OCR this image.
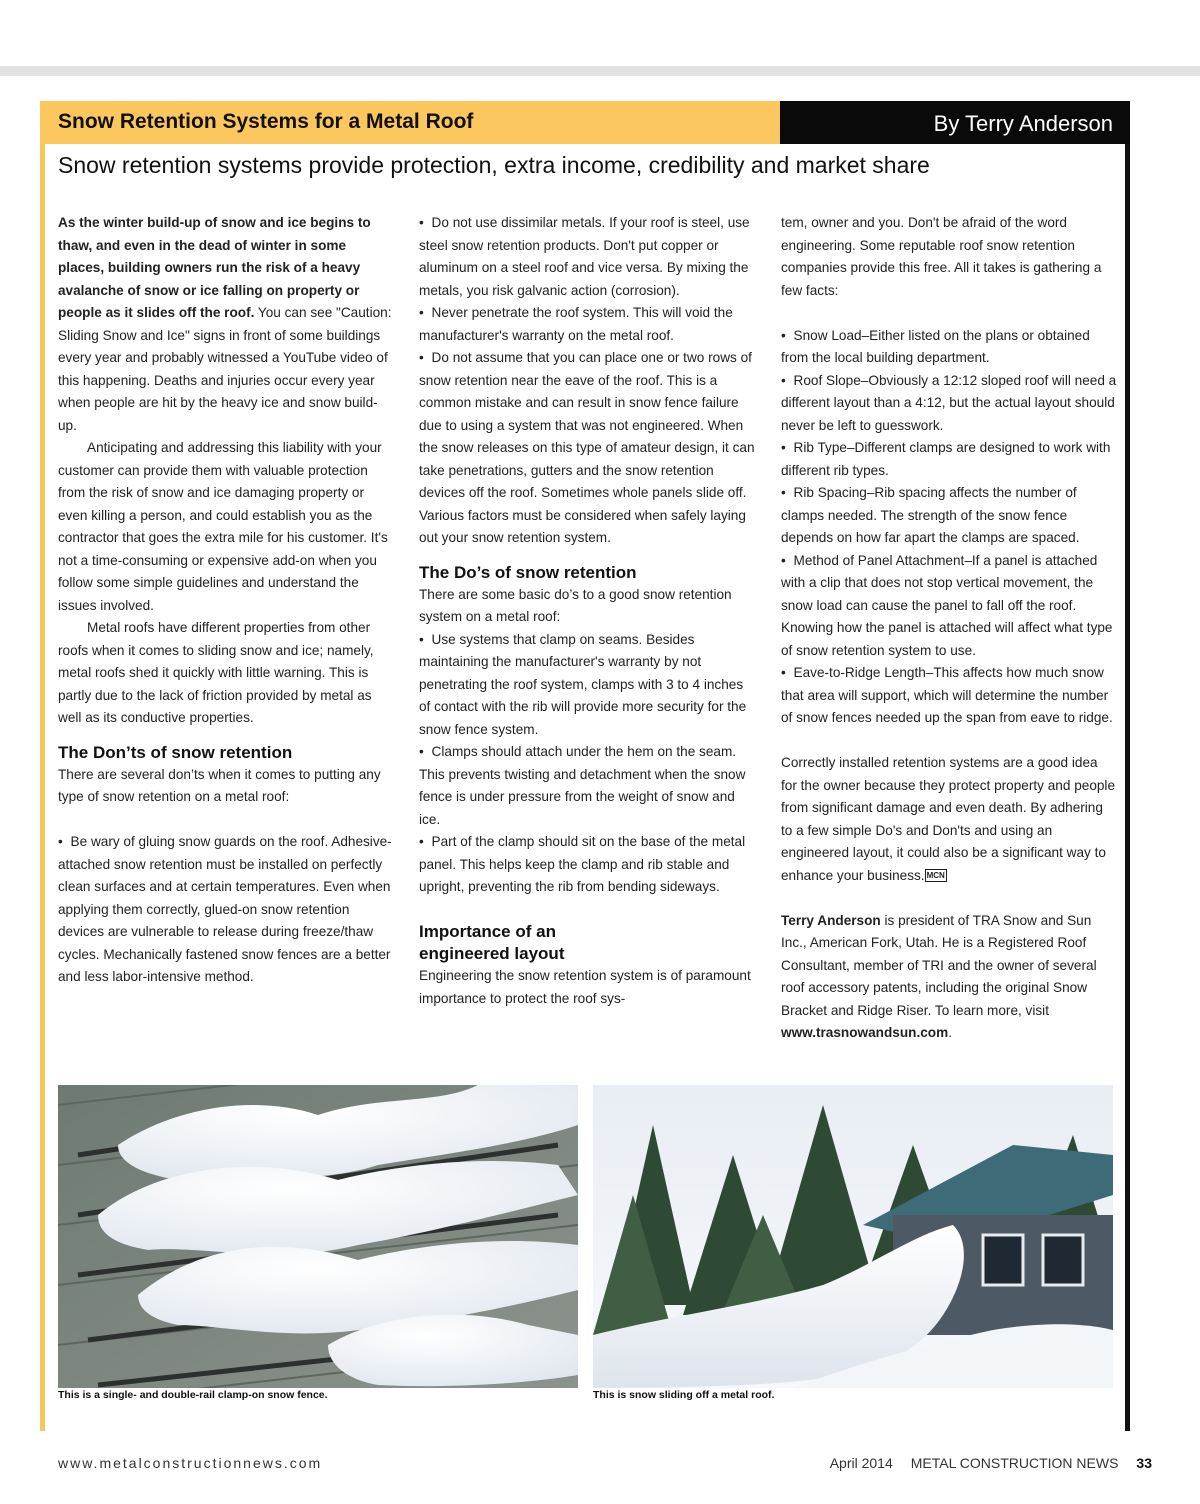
Snow Retention Systems for a Metal Roof	By Terry Anderson
Snow retention systems provide protection, extra income, credibility and market share

As the winter build-up of snow and ice begins to thaw, and even in the dead of winter in some places, building owners run the risk of a heavy avalanche of snow or ice falling on property or people as it slides off the roof. You can see "Caution: Sliding Snow and Ice" signs in front of some buildings every year and probably witnessed a YouTube video of this happening. Deaths and injuries occur every year when people are hit by the heavy ice and snow build-up.

Anticipating and addressing this liability with your customer can provide them with valuable protection from the risk of snow and ice damaging property or even killing a person, and could establish you as the contractor that goes the extra mile for his customer. It's not a time-consuming or expensive add-on when you follow some simple guidelines and understand the issues involved.

Metal roofs have different properties from other roofs when it comes to sliding snow and ice; namely, metal roofs shed it quickly with little warning. This is partly due to the lack of friction provided by metal as well as its conductive properties.

The Don’ts of snow retention

There are several don’ts when it comes to putting any type of snow retention on a metal roof:

• Be wary of gluing snow guards on the roof. Adhesive-attached snow retention must be installed on perfectly clean surfaces and at certain temperatures. Even when applying them correctly, glued-on snow retention devices are vulnerable to release during freeze/thaw cycles. Mechanically fastened snow fences are a better and less labor-intensive method.

• Do not use dissimilar metals. If your roof is steel, use steel snow retention products. Don't put copper or aluminum on a steel roof and vice versa. By mixing the metals, you risk galvanic action (corrosion).

• Never penetrate the roof system. This will void the manufacturer's warranty on the metal roof.

• Do not assume that you can place one or two rows of snow retention near the eave of the roof. This is a common mistake and can result in snow fence failure due to using a system that was not engineered. When the snow releases on this type of amateur design, it can take penetrations, gutters and the snow retention devices off the roof. Sometimes whole panels slide off. Various factors must be considered when safely laying out your snow retention system.

The Do’s of snow retention

There are some basic do’s to a good snow retention system on a metal roof:

• Use systems that clamp on seams. Besides maintaining the manufacturer's warranty by not penetrating the roof system, clamps with 3 to 4 inches of contact with the rib will provide more security for the snow fence system.

• Clamps should attach under the hem on the seam. This prevents twisting and detachment when the snow fence is under pressure from the weight of snow and ice.

• Part of the clamp should sit on the base of the metal panel. This helps keep the clamp and rib stable and upright, preventing the rib from bending sideways.

Importance of an
engineered layout

Engineering the snow retention system is of paramount importance to protect the roof sys-

tem, owner and you. Don't be afraid of the word engineering. Some reputable roof snow retention companies provide this free. All it takes is gathering a few facts:

• Snow Load–Either listed on the plans or obtained from the local building department.

• Roof Slope–Obviously a 12:12 sloped roof will need a different layout than a 4:12, but the actual layout should never be left to guesswork.

• Rib Type–Different clamps are designed to work with different rib types.

• Rib Spacing–Rib spacing affects the number of clamps needed. The strength of the snow fence depends on how far apart the clamps are spaced.

• Method of Panel Attachment–If a panel is attached with a clip that does not stop vertical movement, the snow load can cause the panel to fall off the roof. Knowing how the panel is attached will affect what type of snow retention system to use.

• Eave-to-Ridge Length–This affects how much snow that area will support, which will determine the number of snow fences needed up the span from eave to ridge.

Correctly installed retention systems are a good idea for the owner because they protect property and people from significant damage and even death. By adhering to a few simple Do's and Don'ts and using an engineered layout, it could also be a significant way to enhance your business. MCN

Terry Anderson is president of TRA Snow and Sun Inc., American Fork, Utah. He is a Registered Roof Consultant, member of TRI and the owner of several roof accessory patents, including the original Snow Bracket and Ridge Riser. To learn more, visit www.trasnowandsun.com.

This is a single- and double-rail clamp-on snow fence.	This is snow sliding off a metal roof.
www.metalconstructionnews.com	April 2014 METAL CONSTRUCTION NEWS 33
